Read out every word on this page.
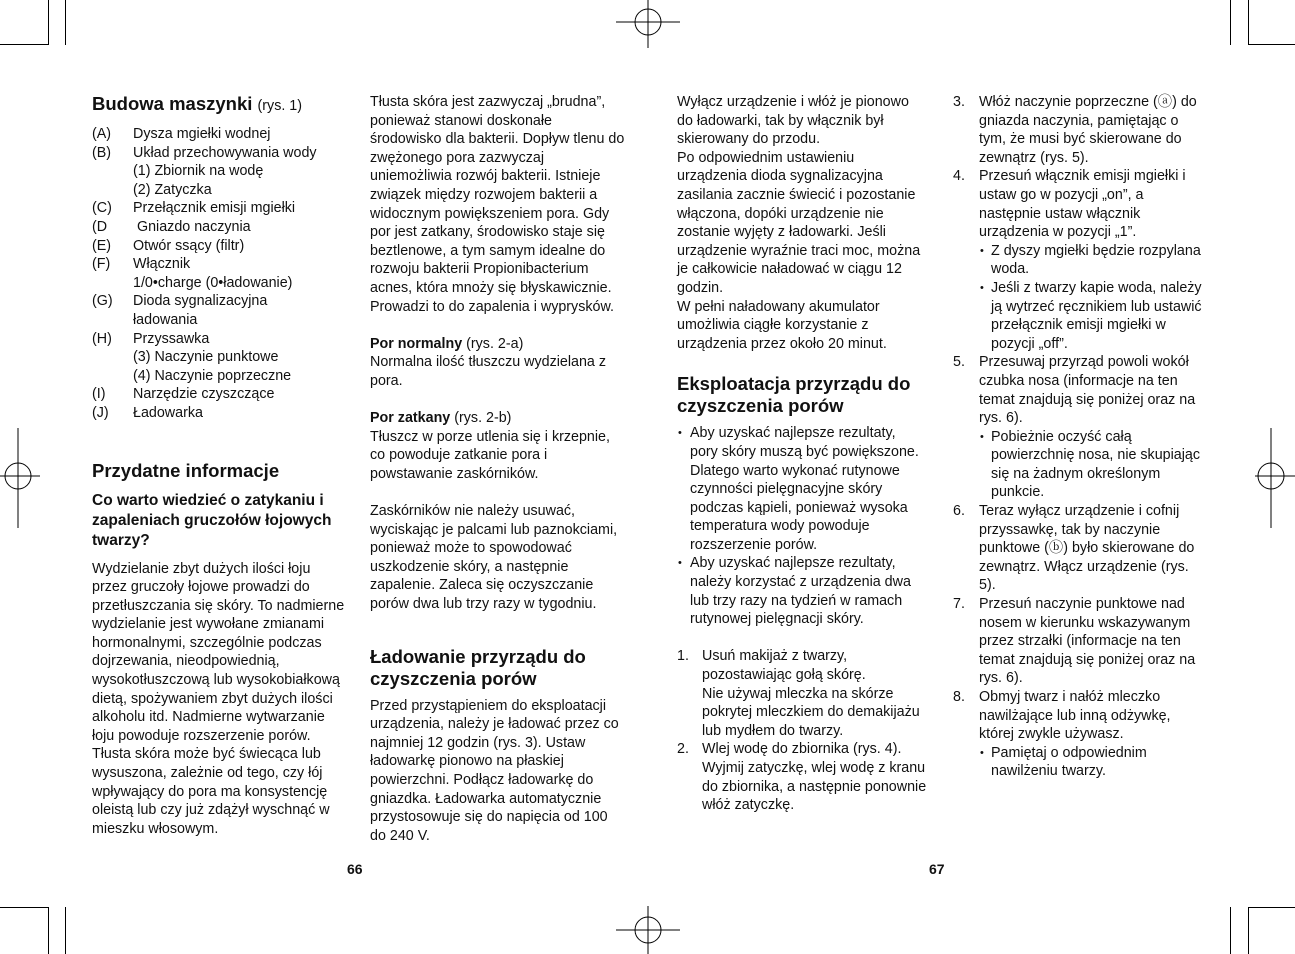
Budowa maszynki (rys. 1)

(A)	Dysza mgiełki wodnej
(B)	Układ przechowywania wody
(1) Zbiornik na wodę
(2) Zatyczka
(C)	Przełącznik emisji mgiełki
(D	Gniazdo naczynia
(E)	Otwór ssący (filtr)
(F)	Włącznik
1/0•charge (0•ładowanie)
(G)	Dioda sygnalizacyjna
ładowania
(H)	Przyssawka
(3) Naczynie punktowe
(4) Naczynie poprzeczne
(I)	Narzędzie czyszczące
(J)	Ładowarka

Przydatne informacje

Co warto wiedzieć o zatykaniu i zapaleniach gruczołów łojowych twarzy?

Wydzielanie zbyt dużych ilości łoju przez gruczoły łojowe prowadzi do przetłuszczania się skóry. To nadmierne wydzielanie jest wywołane zmianami hormonalnymi, szczególnie podczas dojrzewania, nieodpowiednią, wysokotłuszczową lub wysokobiałkową dietą, spożywaniem zbyt dużych ilości alkoholu itd. Nadmierne wytwarzanie łoju powoduje rozszerzenie porów. Tłusta skóra może być świecąca lub wysuszona, zależnie od tego, czy łój wpływający do pora ma konsystencję oleistą lub czy już zdążył wyschnąć w mieszku włosowym.

Tłusta skóra jest zazwyczaj „brudna”, ponieważ stanowi doskonałe środowisko dla bakterii. Dopływ tlenu do zwężonego pora zazwyczaj uniemożliwia rozwój bakterii. Istnieje związek między rozwojem bakterii a widocznym powiększeniem pora. Gdy por jest zatkany, środowisko staje się beztlenowe, a tym samym idealne do rozwoju bakterii Propionibacterium acnes, która mnoży się błyskawicznie. Prowadzi to do zapalenia i wyprysków.

Por normalny (rys. 2-a)

Normalna ilość tłuszczu wydzielana z pora.

Por zatkany (rys. 2-b)

Tłuszcz w porze utlenia się i krzepnie, co powoduje zatkanie pora i powstawanie zaskórników.

Zaskórników nie należy usuwać, wyciskając je palcami lub paznokciami, ponieważ może to spowodować uszkodzenie skóry, a następnie zapalenie. Zaleca się oczyszczanie porów dwa lub trzy razy w tygodniu.

Ładowanie przyrządu do czyszczenia porów

Przed przystąpieniem do eksploatacji urządzenia, należy je ładować przez co najmniej 12 godzin (rys. 3). Ustaw ładowarkę pionowo na płaskiej powierzchni. Podłącz ładowarkę do gniazdka. Ładowarka automatycznie przystosowuje się do napięcia od 100 do 240 V.

Wyłącz urządzenie i włóż je pionowo do ładowarki, tak by włącznik był skierowany do przodu.

Po odpowiednim ustawieniu urządzenia dioda sygnalizacyjna zasilania zacznie świecić i pozostanie włączona, dopóki urządzenie nie zostanie wyjęty z ładowarki. Jeśli urządzenie wyraźnie traci moc, można je całkowicie naładować w ciągu 12 godzin.

W pełni naładowany akumulator umożliwia ciągłe korzystanie z urządzenia przez około 20 minut.

Eksploatacja przyrządu do czyszczenia porów

• Aby uzyskać najlepsze rezultaty, pory skóry muszą być powiększone. Dlatego warto wykonać rutynowe czynności pielęgnacyjne skóry podczas kąpieli, ponieważ wysoka temperatura wody powoduje rozszerzenie porów.
• Aby uzyskać najlepsze rezultaty, należy korzystać z urządzenia dwa lub trzy razy na tydzień w ramach rutynowej pielęgnacji skóry.
1. Usuń makijaż z twarzy, pozostawiając gołą skórę.

Nie używaj mleczka na skórze pokrytej mleczkiem do demakijażu lub mydłem do twarzy.

2. Wlej wodę do zbiornika (rys. 4). Wyjmij zatyczkę, wlej wodę z kranu do zbiornika, a następnie ponownie włóż zatyczkę.

3. Włóż naczynie poprzeczne (ⓐ) do gniazda naczynia, pamiętając o tym, że musi być skierowane do zewnątrz (rys. 5).

4. Przesuń włącznik emisji mgiełki i ustaw go w pozycji „on”, a następnie ustaw włącznik urządzenia w pozycji „1”.

• Z dyszy mgiełki będzie rozpylana woda.
• Jeśli z twarzy kapie woda, należy ją wytrzeć ręcznikiem lub ustawić przełącznik emisji mgiełki w pozycji „off”.
5. Przesuwaj przyrząd powoli wokół czubka nosa (informacje na ten temat znajdują się poniżej oraz na rys. 6).

• Pobieżnie oczyść całą powierzchnię nosa, nie skupiając się na żadnym określonym punkcie.
6. Teraz wyłącz urządzenie i cofnij przyssawkę, tak by naczynie punktowe (ⓑ) było skierowane do zewnątrz. Włącz urządzenie (rys. 5).

7. Przesuń naczynie punktowe nad nosem w kierunku wskazywanym przez strzałki (informacje na ten temat znajdują się poniżej oraz na rys. 6).

8. Obmyj twarz i nałóż mleczko nawilżające lub inną odżywkę, której zwykle używasz.

• Pamiętaj o odpowiednim nawilżeniu twarzy.
66	67
